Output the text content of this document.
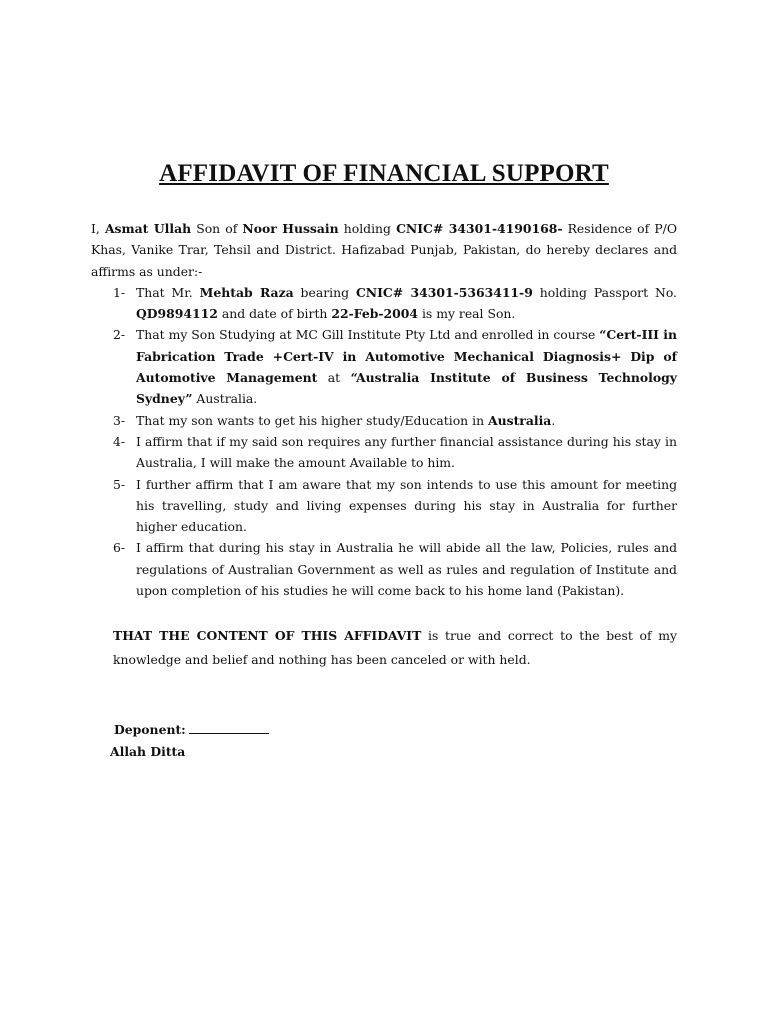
AFFIDAVIT OF FINANCIAL SUPPORT

I, Asmat Ullah Son of Noor Hussain holding CNIC# 34301-4190168- Residence of P/O Khas, Vanike Trar, Tehsil and District. Hafizabad Punjab, Pakistan, do hereby declares and affirms as under:-

1- That Mr. Mehtab Raza bearing CNIC# 34301-5363411-9 holding Passport No. QD9894112 and date of birth 22-Feb-2004 is my real Son.
2- That my Son Studying at MC Gill Institute Pty Ltd and enrolled in course “Cert-III in Fabrication Trade +Cert-IV in Automotive Mechanical Diagnosis+ Dip of Automotive Management at “Australia Institute of Business Technology Sydney” Australia.
3- That my son wants to get his higher study/Education in Australia.
4- I affirm that if my said son requires any further financial assistance during his stay in Australia, I will make the amount Available to him.
5- I further affirm that I am aware that my son intends to use this amount for meeting his travelling, study and living expenses during his stay in Australia for further higher education.
6- I affirm that during his stay in Australia he will abide all the law, Policies, rules and regulations of Australian Government as well as rules and regulation of Institute and upon completion of his studies he will come back to his home land (Pakistan).

THAT THE CONTENT OF THIS AFFIDAVIT is true and correct to the best of my knowledge and belief and nothing has been canceled or with held.

Deponent:
Allah Ditta
